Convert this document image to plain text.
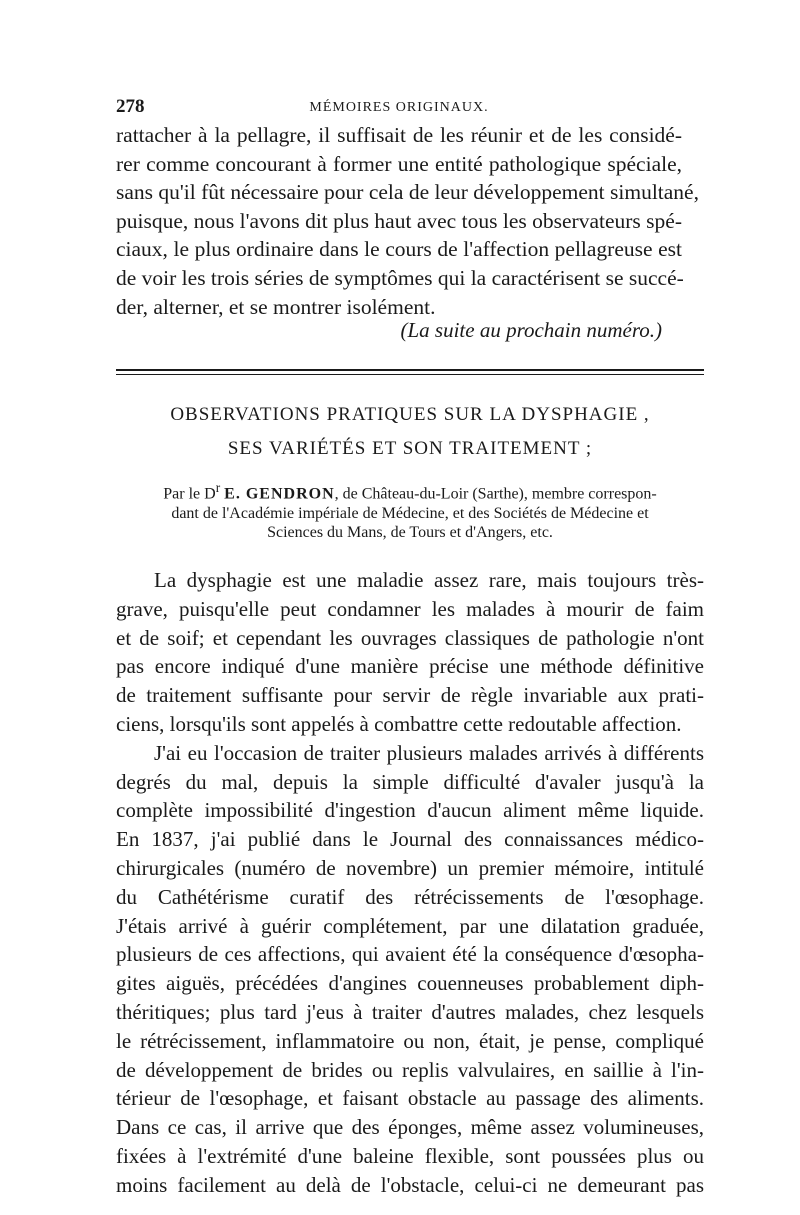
278	MÉMOIRES ORIGINAUX.
rattacher à la pellagre, il suffisait de les réunir et de les considé-
rer comme concourant à former une entité pathologique spéciale,
sans qu'il fût nécessaire pour cela de leur développement simultané,
puisque, nous l'avons dit plus haut avec tous les observateurs spé-
ciaux, le plus ordinaire dans le cours de l'affection pellagreuse est
de voir les trois séries de symptômes qui la caractérisent se succé-
der, alterner, et se montrer isolément.
(La suite au prochain numéro.)
OBSERVATIONS PRATIQUES SUR LA DYSPHAGIE ,
SES VARIÉTÉS ET SON TRAITEMENT ;
Par le $D^r$ E. GENDRON, de Château-du-Loir (Sarthe), membre correspon-
dant de l'Académie impériale de Médecine, et des Sociétés de Médecine et
Sciences du Mans, de Tours et d'Angers, etc.
La dysphagie est une maladie assez rare, mais toujours très-
grave, puisqu'elle peut condamner les malades à mourir de faim
et de soif; et cependant les ouvrages classiques de pathologie n'ont
pas encore indiqué d'une manière précise une méthode définitive
de traitement suffisante pour servir de règle invariable aux prati-
ciens, lorsqu'ils sont appelés à combattre cette redoutable affection.
J'ai eu l'occasion de traiter plusieurs malades arrivés à différents
degrés du mal, depuis la simple difficulté d'avaler jusqu'à la
complète impossibilité d'ingestion d'aucun aliment même liquide.
En 1837, j'ai publié dans le Journal des connaissances médico-
chirurgicales (numéro de novembre) un premier mémoire, intitulé
du Cathétérisme curatif des rétrécissements de l'œsophage.
J'étais arrivé à guérir complétement, par une dilatation graduée,
plusieurs de ces affections, qui avaient été la conséquence d'œsopha-
gites aiguës, précédées d'angines couenneuses probablement diph-
théritiques; plus tard j'eus à traiter d'autres malades, chez lesquels
le rétrécissement, inflammatoire ou non, était, je pense, compliqué
de développement de brides ou replis valvulaires, en saillie à l'in-
térieur de l'œsophage, et faisant obstacle au passage des aliments.
Dans ce cas, il arrive que des éponges, même assez volumineuses,
fixées à l'extrémité d'une baleine flexible, sont poussées plus ou
moins facilement au delà de l'obstacle, celui-ci ne demeurant pas
